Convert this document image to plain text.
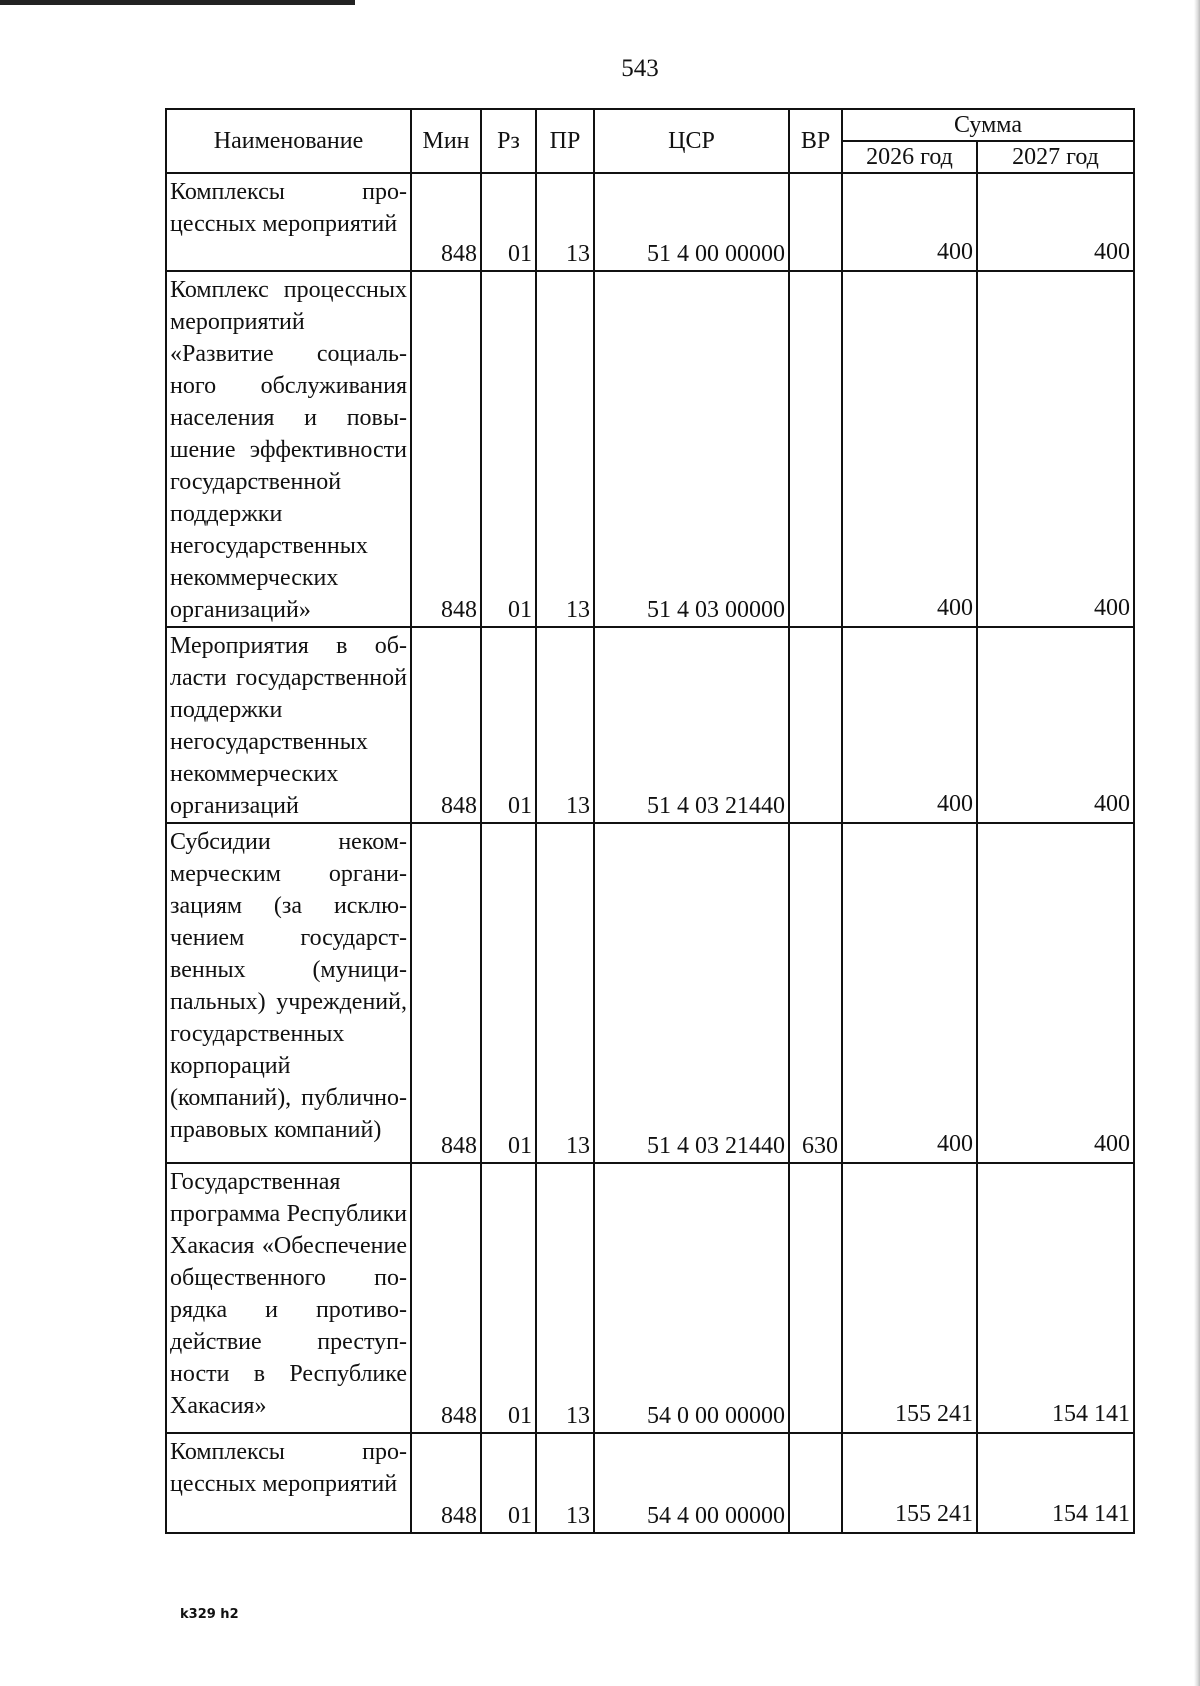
543
Наименование	Мин	Рз	ПР	ЦСР	ВР	Сумма	
						2026 год	2027 год
Комплексы процессных мероприятий	848	01	13	51 4 00 00000		400	400
Комплекс процессных мероприятий «Развитие социального обслуживания населения и повышение эффективности государственной поддержки негосударственных некоммерческих организаций»	848	01	13	51 4 03 00000		400	400
Мероприятия в области государственной поддержки негосударственных некоммерческих организаций	848	01	13	51 4 03 21440		400	400
Субсидии некоммерческим организациям (за исключением государственных (муниципальных) учреждений, государственных корпораций (компаний), публично-правовых компаний)	848	01	13	51 4 03 21440	630	400	400
Государственная программа Республики Хакасия «Обеспечение общественного порядка и противодействие преступности в Республике Хакасия»	848	01	13	54 0 00 00000		155 241	154 141
Комплексы процессных мероприятий	848	01	13	54 4 00 00000		155 241	154 141
k329 h2
